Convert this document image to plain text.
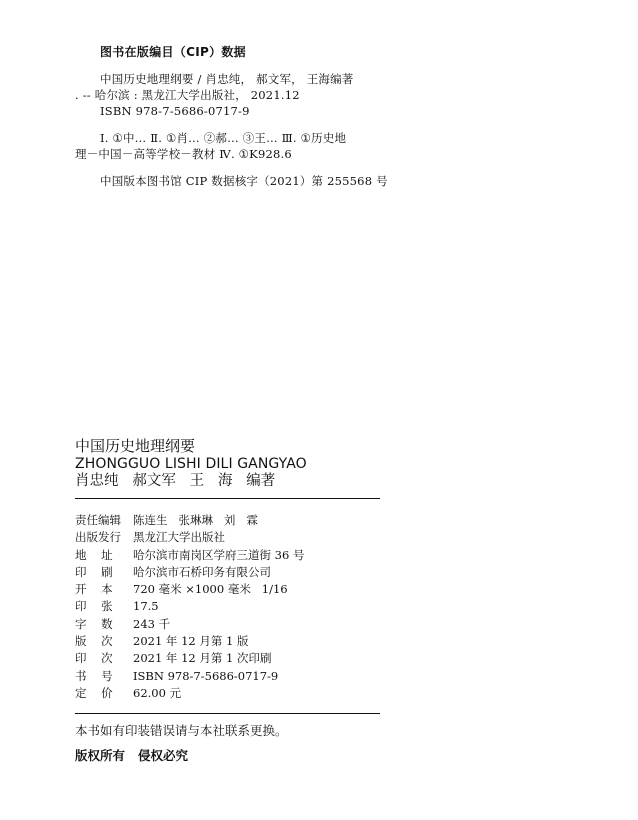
图书在版编目（CIP）数据
中国历史地理纲要 / 肖忠纯， 郝文军， 王海编著
. -- 哈尔滨 : 黑龙江大学出版社， 2021.12
ISBN 978-7-5686-0717-9
Ⅰ. ①中… Ⅱ. ①肖… ②郝… ③王… Ⅲ. ①历史地
理－中国－高等学校－教材 Ⅳ. ①K928.6
中国版本图书馆 CIP 数据核字（2021）第 255568 号
中国历史地理纲要
ZHONGGUO LISHI DILI GANGYAO
肖忠纯   郝文军   王   海   编著
责任编辑	陈连生   张琳琳   刘   霖
出版发行	黑龙江大学出版社
地    址	哈尔滨市南岗区学府三道街 36 号
印    刷	哈尔滨市石桥印务有限公司
开    本	720 毫米 ×1000 毫米   1/16
印    张	17.5
字    数	243 千
版    次	2021 年 12 月第 1 版
印    次	2021 年 12 月第 1 次印刷
书    号	ISBN 978-7-5686-0717-9
定    价	62.00 元
本书如有印装错误请与本社联系更换。
版权所有   侵权必究
